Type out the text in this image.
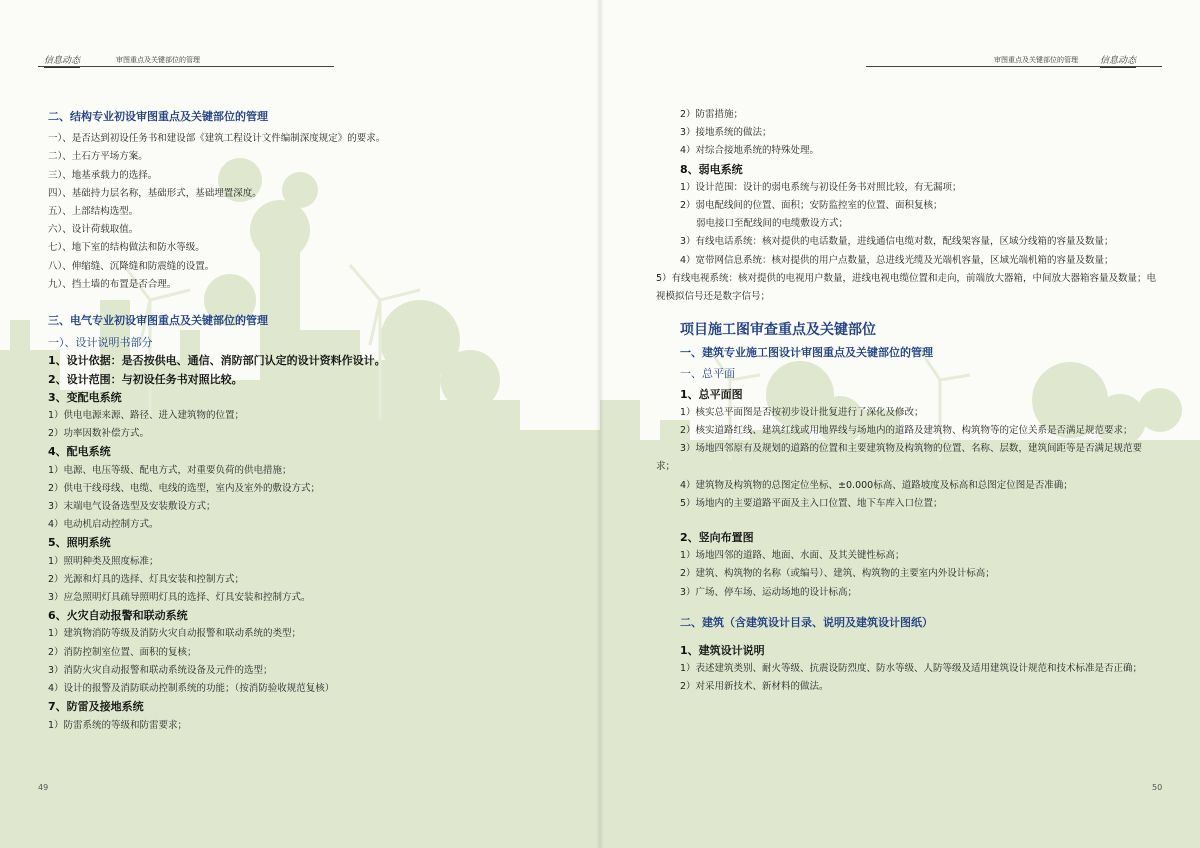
信息动态	审图重点及关键部位的管理
二、结构专业初设审图重点及关键部位的管理
一）、是否达到初设任务书和建设部《建筑工程设计文件编制深度规定》的要求。
二）、土石方平场方案。
三）、地基承载力的选择。
四）、基础持力层名称，基础形式，基础埋置深度。
五）、上部结构选型。
六）、设计荷载取值。
七）、地下室的结构做法和防水等级。
八）、伸缩缝、沉降缝和防震缝的设置。
九）、挡土墙的布置是否合理。
三、电气专业初设审图重点及关键部位的管理
一）、设计说明书部分
1、设计依据：是否按供电、通信、消防部门认定的设计资料作设计。
2、设计范围：与初设任务书对照比较。
3、变配电系统
1）供电电源来源、路径、进入建筑物的位置；
2）功率因数补偿方式。
4、配电系统
1）电源、电压等级、配电方式，对重要负荷的供电措施；
2）供电干线母线、电缆、电线的选型，室内及室外的敷设方式；
3）末端电气设备选型及安装敷设方式；
4）电动机启动控制方式。
5、照明系统
1）照明种类及照度标准；
2）光源和灯具的选择、灯具安装和控制方式；
3）应急照明灯具疏导照明灯具的选择、灯具安装和控制方式。
6、火灾自动报警和联动系统
1）建筑物消防等级及消防火灾自动报警和联动系统的类型；
2）消防控制室位置、面积的复核；
3）消防火灾自动报警和联动系统设备及元件的选型；
4）设计的报警及消防联动控制系统的功能；（按消防验收规范复核）
7、防雷及接地系统
1）防雷系统的等级和防雷要求；
49
审图重点及关键部位的管理 信息动态
2）防雷措施；
3）接地系统的做法；
4）对综合接地系统的特殊处理。
8、弱电系统
1）设计范围：设计的弱电系统与初设任务书对照比较，有无漏项；
2）弱电配线间的位置、面积；安防监控室的位置、面积复核；
弱电接口至配线间的电缆敷设方式；
3）有线电话系统：核对提供的电话数量，进线通信电缆对数，配线架容量，区域分线箱的容量及数量；
4）宽带网信息系统：核对提供的用户点数量，总进线光缆及光端机容量，区域光端机箱的容量及数量；
5）有线电视系统：核对提供的电视用户数量，进线电视电缆位置和走向，前端放大器箱，中间放大器箱容量及数量；电视模拟信号还是数字信号；
项目施工图审查重点及关键部位
一、建筑专业施工图设计审图重点及关键部位的管理
一、总平面
1、总平面图
1）核实总平面图是否按初步设计批复进行了深化及修改；
2）核实道路红线、建筑红线或用地界线与场地内的道路及建筑物、构筑物等的定位关系是否满足规范要求；
3）场地四邻原有及规划的道路的位置和主要建筑物及构筑物的位置、名称、层数，建筑间距等是否满足规范要求；
4）建筑物及构筑物的总图定位坐标、±0.000标高、道路坡度及标高和总图定位图是否准确；
5）场地内的主要道路平面及主入口位置、地下车库入口位置；
2、竖向布置图
1）场地四邻的道路、地面、水面、及其关键性标高；
2）建筑、构筑物的名称（或编号）、建筑、构筑物的主要室内外设计标高；
3）广场、停车场、运动场地的设计标高；
二、建筑（含建筑设计目录、说明及建筑设计图纸）
1、建筑设计说明
1）表述建筑类别、耐火等级、抗震设防烈度、防水等级、人防等级及适用建筑设计规范和技术标准是否正确；
2）对采用新技术、新材料的做法。
50
